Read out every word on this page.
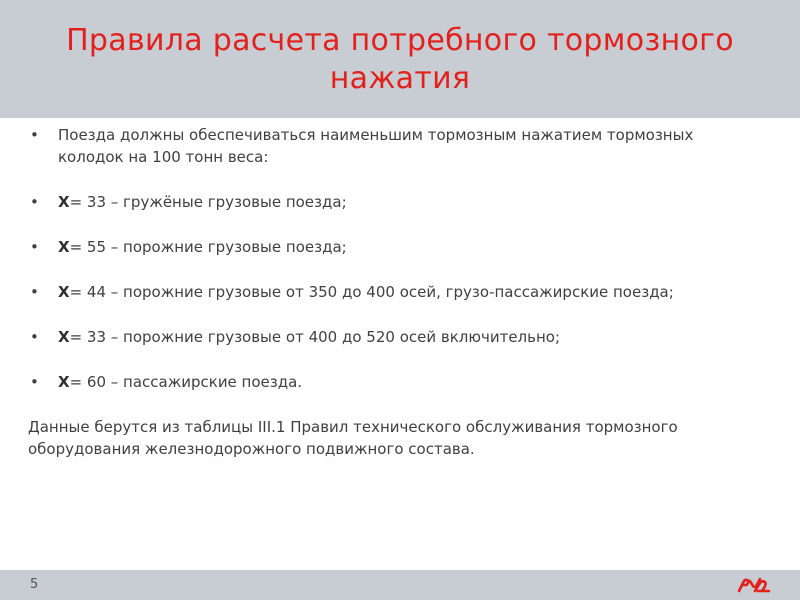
Правила расчета потребного тормозного
нажатия
• Поезда должны обеспечиваться наименьшим тормозным нажатием тормозных колодок на 100 тонн веса:
• Х= 33 – гружёные грузовые поезда;
• Х= 55 – порожние грузовые поезда;
• Х= 44 – порожние грузовые от 350 до 400 осей, грузо-пассажирские поезда;
• Х= 33 – порожние грузовые от 400 до 520 осей включительно;
• Х= 60 – пассажирские поезда.
Данные берутся из таблицы III.1 Правил технического обслуживания тормозного оборудования железнодорожного подвижного состава.
5
